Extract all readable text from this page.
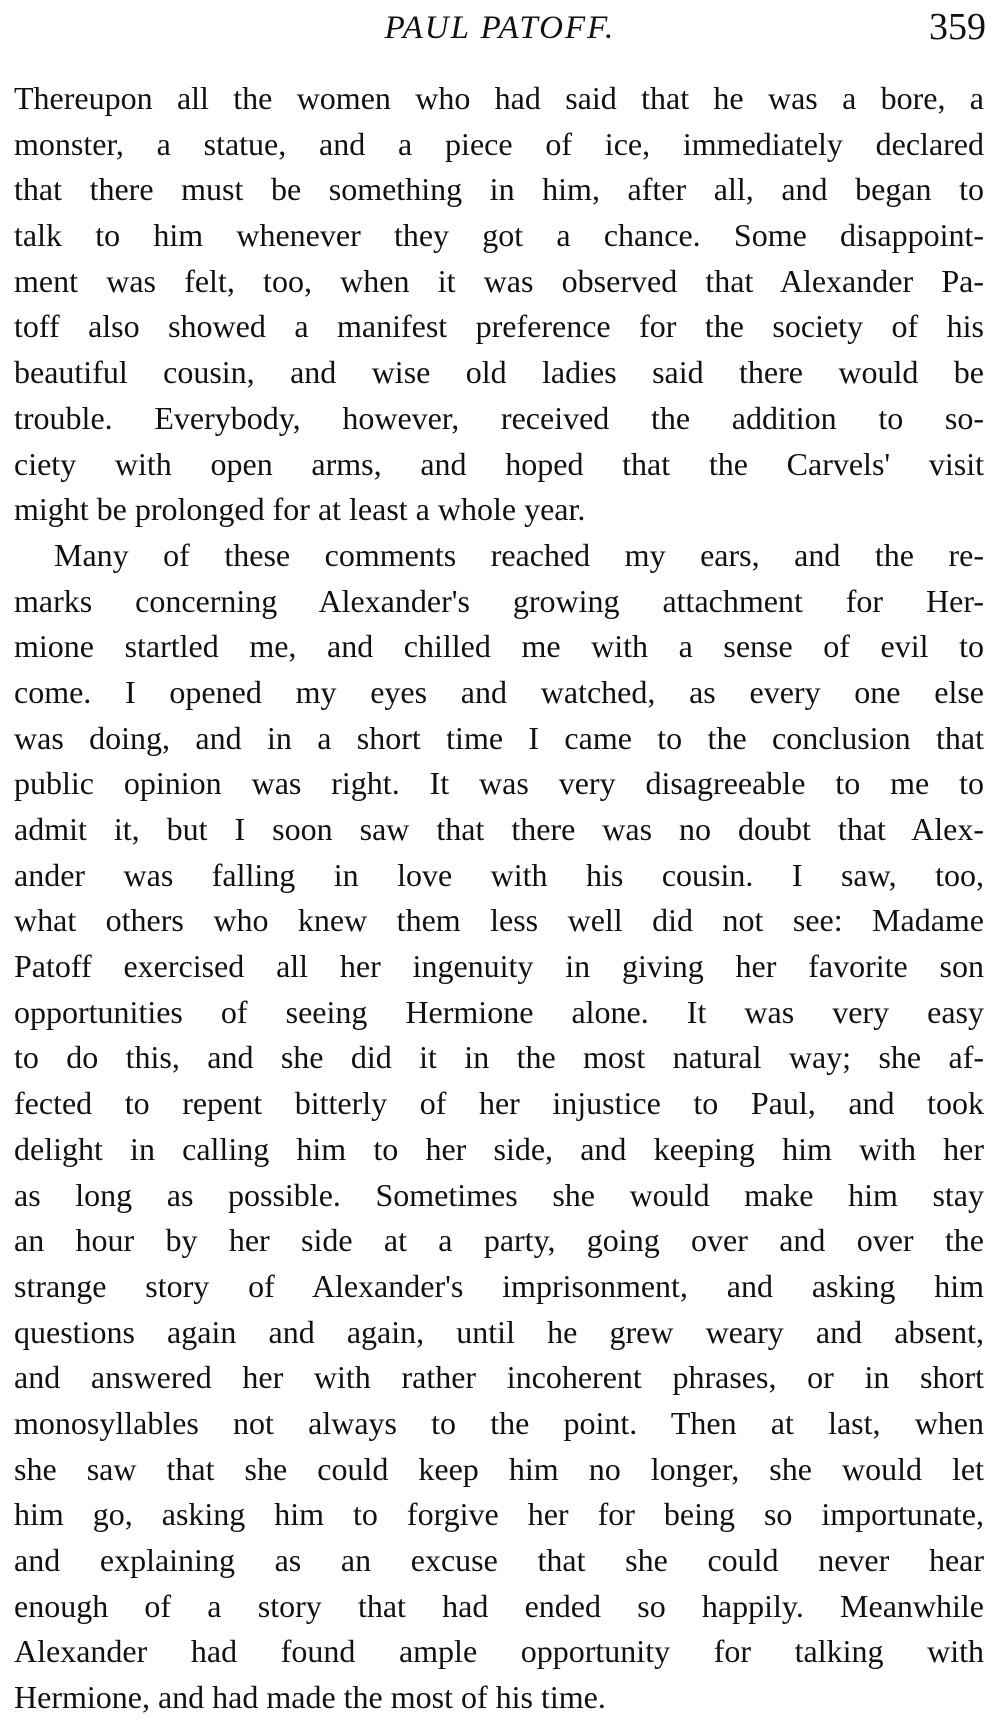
PAUL PATOFF.	359
Thereupon all the women who had said that he was a bore, a
monster, a statue, and a piece of ice, immediately declared
that there must be something in him, after all, and began to
talk to him whenever they got a chance. Some disappoint-
ment was felt, too, when it was observed that Alexander Pa-
toff also showed a manifest preference for the society of his
beautiful cousin, and wise old ladies said there would be
trouble. Everybody, however, received the addition to so-
ciety with open arms, and hoped that the Carvels' visit
might be prolonged for at least a whole year.
Many of these comments reached my ears, and the re-
marks concerning Alexander's growing attachment for Her-
mione startled me, and chilled me with a sense of evil to
come. I opened my eyes and watched, as every one else
was doing, and in a short time I came to the conclusion that
public opinion was right. It was very disagreeable to me to
admit it, but I soon saw that there was no doubt that Alex-
ander was falling in love with his cousin. I saw, too,
what others who knew them less well did not see: Madame
Patoff exercised all her ingenuity in giving her favorite son
opportunities of seeing Hermione alone. It was very easy
to do this, and she did it in the most natural way; she af-
fected to repent bitterly of her injustice to Paul, and took
delight in calling him to her side, and keeping him with her
as long as possible. Sometimes she would make him stay
an hour by her side at a party, going over and over the
strange story of Alexander's imprisonment, and asking him
questions again and again, until he grew weary and absent,
and answered her with rather incoherent phrases, or in short
monosyllables not always to the point. Then at last, when
she saw that she could keep him no longer, she would let
him go, asking him to forgive her for being so importunate,
and explaining as an excuse that she could never hear
enough of a story that had ended so happily. Meanwhile
Alexander had found ample opportunity for talking with
Hermione, and had made the most of his time.
